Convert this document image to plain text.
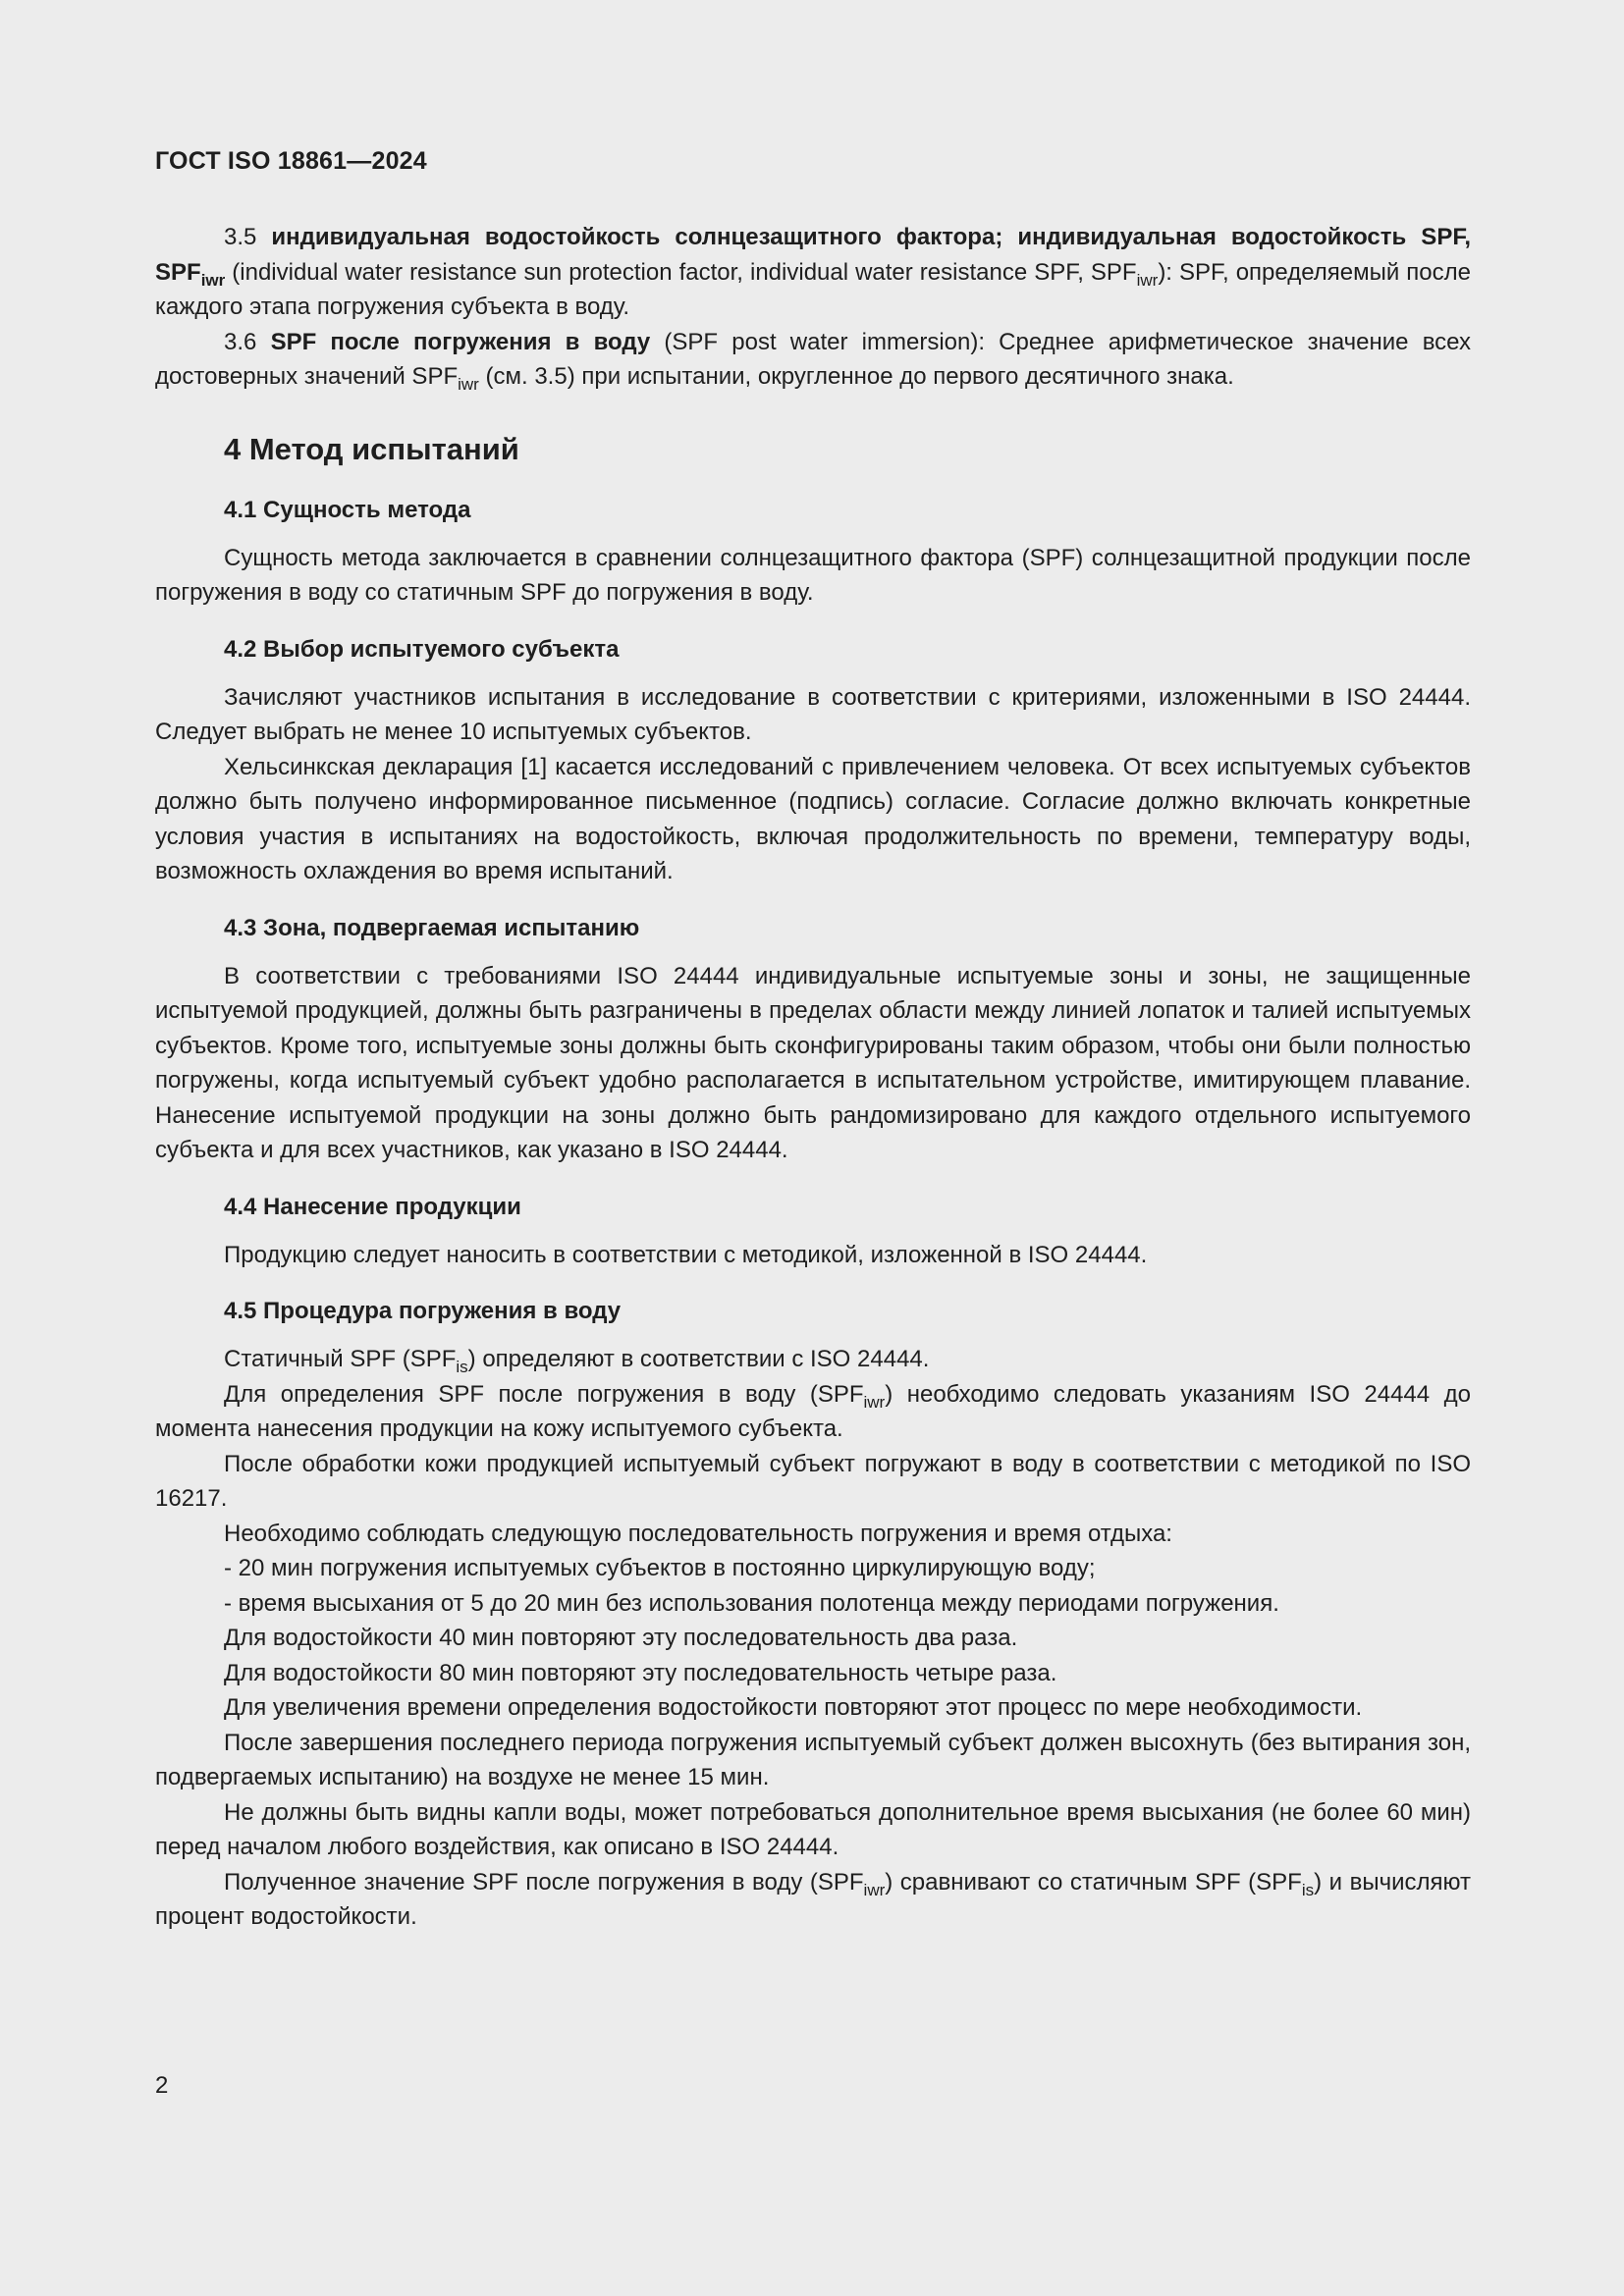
ГОСТ ISO 18861—2024

3.5 индивидуальная водостойкость солнцезащитного фактора; индивидуальная водостойкость SPF, $SPF_{iwr}$ (individual water resistance sun protection factor, individual water resistance SPF, $SPF_{iwr}$): SPF, определяемый после каждого этапа погружения субъекта в воду.

3.6 SPF после погружения в воду (SPF post water immersion): Среднее арифметическое значение всех достоверных значений $SPF_{iwr}$ (см. 3.5) при испытании, округленное до первого десятичного знака.

4 Метод испытаний
4.1 Сущность метода

Сущность метода заключается в сравнении солнцезащитного фактора (SPF) солнцезащитной продукции после погружения в воду со статичным SPF до погружения в воду.

4.2 Выбор испытуемого субъекта

Зачисляют участников испытания в исследование в соответствии с критериями, изложенными в ISO 24444. Следует выбрать не менее 10 испытуемых субъектов.

Хельсинкская декларация [1] касается исследований с привлечением человека. От всех испытуемых субъектов должно быть получено информированное письменное (подпись) согласие. Согласие должно включать конкретные условия участия в испытаниях на водостойкость, включая продолжительность по времени, температуру воды, возможность охлаждения во время испытаний.

4.3 Зона, подвергаемая испытанию

В соответствии с требованиями ISO 24444 индивидуальные испытуемые зоны и зоны, не защищенные испытуемой продукцией, должны быть разграничены в пределах области между линией лопаток и талией испытуемых субъектов. Кроме того, испытуемые зоны должны быть сконфигурированы таким образом, чтобы они были полностью погружены, когда испытуемый субъект удобно располагается в испытательном устройстве, имитирующем плавание. Нанесение испытуемой продукции на зоны должно быть рандомизировано для каждого отдельного испытуемого субъекта и для всех участников, как указано в ISO 24444.

4.4 Нанесение продукции

Продукцию следует наносить в соответствии с методикой, изложенной в ISO 24444.

4.5 Процедура погружения в воду

Статичный SPF $(SPF_{is})$ определяют в соответствии с ISO 24444.

Для определения SPF после погружения в воду $(SPF_{iwr})$ необходимо следовать указаниям ISO 24444 до момента нанесения продукции на кожу испытуемого субъекта.

После обработки кожи продукцией испытуемый субъект погружают в воду в соответствии с методикой по ISO 16217.

Необходимо соблюдать следующую последовательность погружения и время отдыха:

- 20 мин погружения испытуемых субъектов в постоянно циркулирующую воду;

- время высыхания от 5 до 20 мин без использования полотенца между периодами погружения.

Для водостойкости 40 мин повторяют эту последовательность два раза.

Для водостойкости 80 мин повторяют эту последовательность четыре раза.

Для увеличения времени определения водостойкости повторяют этот процесс по мере необходимости.

После завершения последнего периода погружения испытуемый субъект должен высохнуть (без вытирания зон, подвергаемых испытанию) на воздухе не менее 15 мин.

Не должны быть видны капли воды, может потребоваться дополнительное время высыхания (не более 60 мин) перед началом любого воздействия, как описано в ISO 24444.

Полученное значение SPF после погружения в воду $(SPF_{iwr})$ сравнивают со статичным SPF $(SPF_{is})$ и вычисляют процент водостойкости.

2
